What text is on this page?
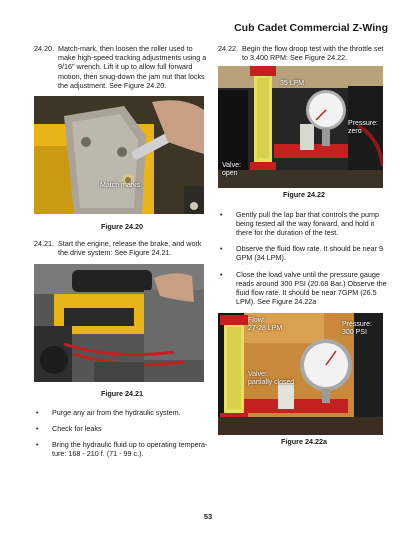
Cub Cadet Commercial Z-Wing
24.20. Match-mark, then loosen the roller used to make high-speed tracking adjustments using a 9/16" wrench. Lift it up to allow full forward motion, then snug-down the jam nut that locks the adjustment. See Figure 24.20.
Match marks
Figure 24.20
24.21. Start the engine, release the brake, and work the drive system: See Figure 24.21.
Figure 24.21
•	Purge any air from the hydraulic system.
•	Check for leaks
•	Bring the hydraulic fluid up to operating tempera-ture: 168 - 210 f. (71 - 99 c.).
24.22. Begin the flow droop test with the throttle set to 3,400 RPM: See Figure 24.22.
35 LPM
Pressure:
zero
Valve:
open
Figure 24.22
•	Gently pull the lap bar that controls the pump being tested all the way forward, and hold it there for the duration of the test.
•	Observe the fluid flow rate. It should be near 9 GPM (34 LPM).
•	Close the load valve until the pressure gauge reads around 300 PSI (20.68 Bar.) Observe the fluid flow rate. It should be near 7GPM (26.5 LPM). See Figure 24.22a
Flow:
27-28 LPM
Pressure:
300 PSI
Valve:
partially closed
Figure 24.22a
53
